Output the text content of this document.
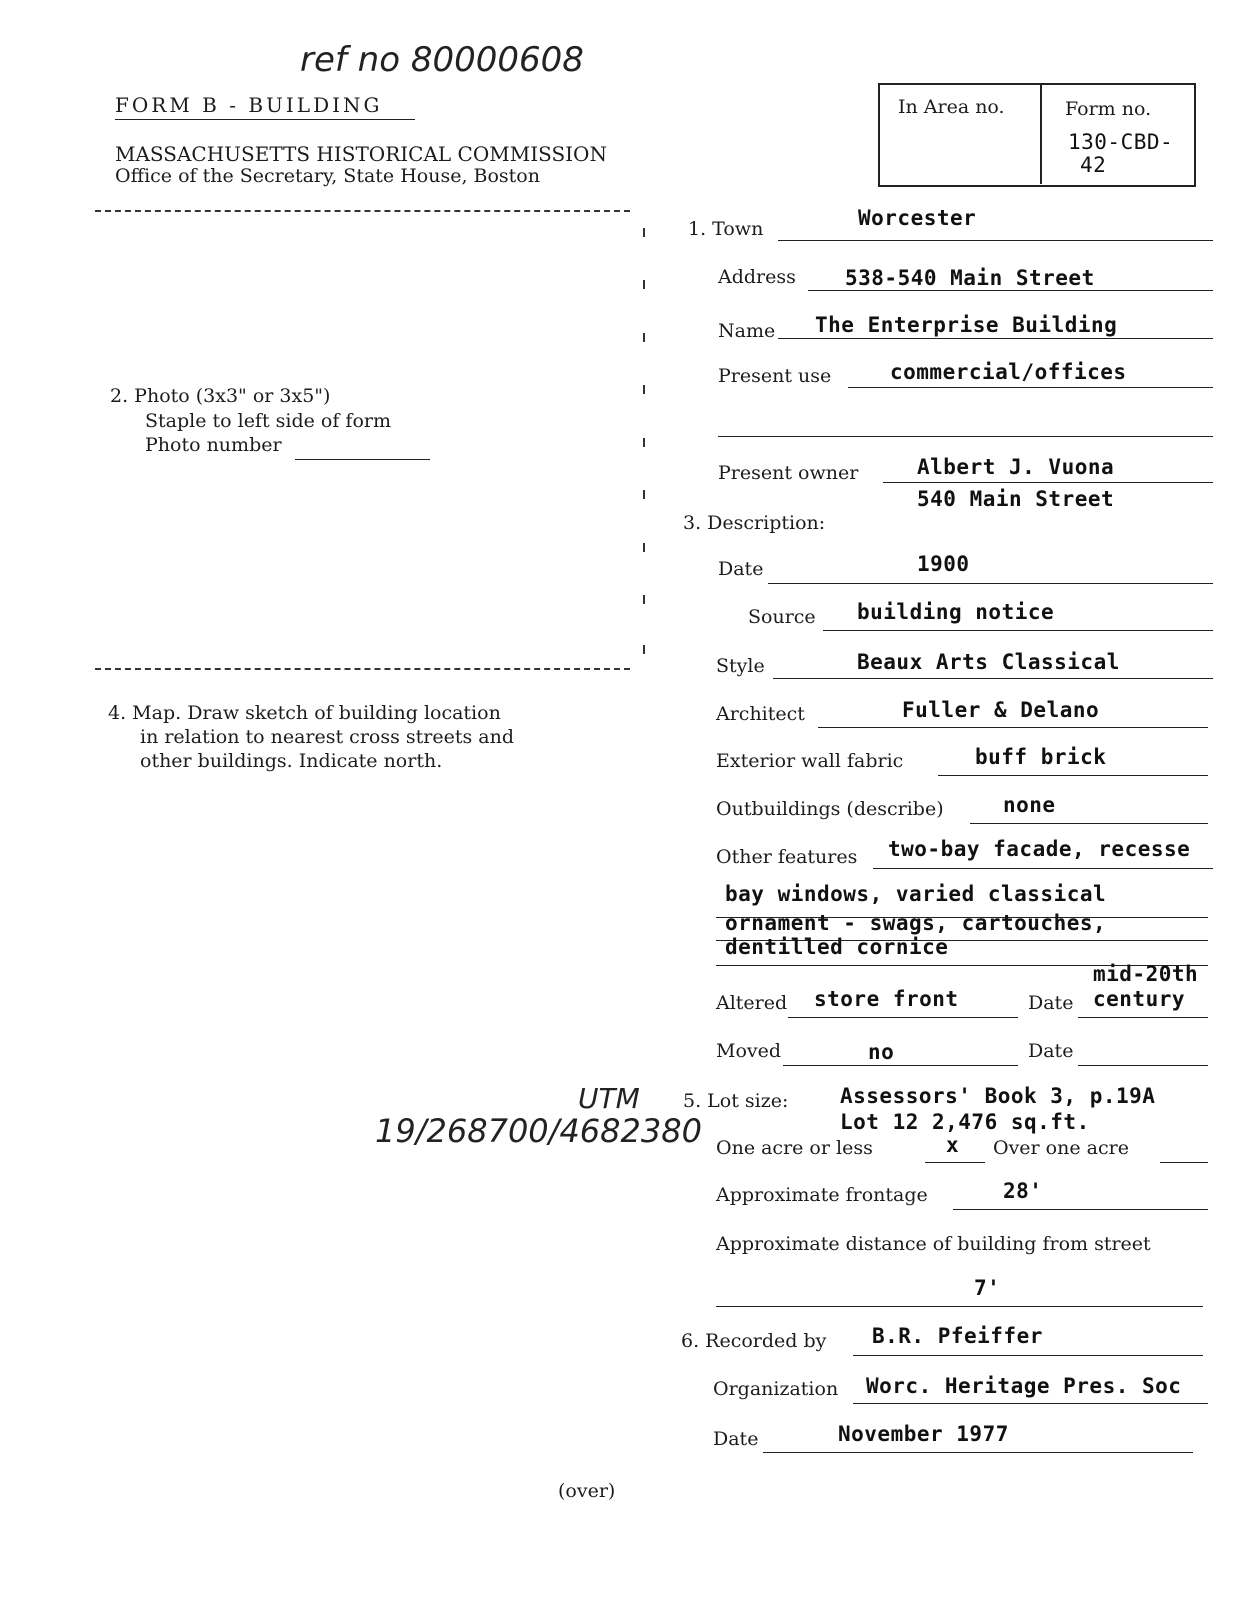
ref no 80000608
FORM B - BUILDING
MASSACHUSETTS HISTORICAL COMMISSION
Office of the Secretary, State House, Boston
In Area no.	Form no.
130-CBD-
42
2. Photo (3x3" or 3x5")
Staple to left side of form
Photo number
4. Map. Draw sketch of building location
in relation to nearest cross streets and
other buildings. Indicate north.
UTM
19/268700/4682380
1. Town	Worcester
Address 538-540 Main Street
Name The Enterprise Building
Present use	commercial/offices
Present owner	Albert J. Vuona
540 Main Street
3. Description:
Date	1900
Source building notice
Style	Beaux Arts Classical
Architect	Fuller & Delano
Exterior wall fabric	buff brick
Outbuildings (describe)	none
Other features two-bay facade, recesse
bay windows, varied classical
ornament - swags, cartouches,
dentilled cornice
Altered store front	Date
mid-20th
century
Moved	no	Date
5. Lot size: Assessors' Book 3, p.19A
Lot 12 2,476 sq.ft.
One acre or less	x Over one acre
Approximate frontage	28'
Approximate distance of building from street
7'
6. Recorded by B.R. Pfeiffer
Organization Worc. Heritage Pres. Soc
Date	November 1977
(over)
